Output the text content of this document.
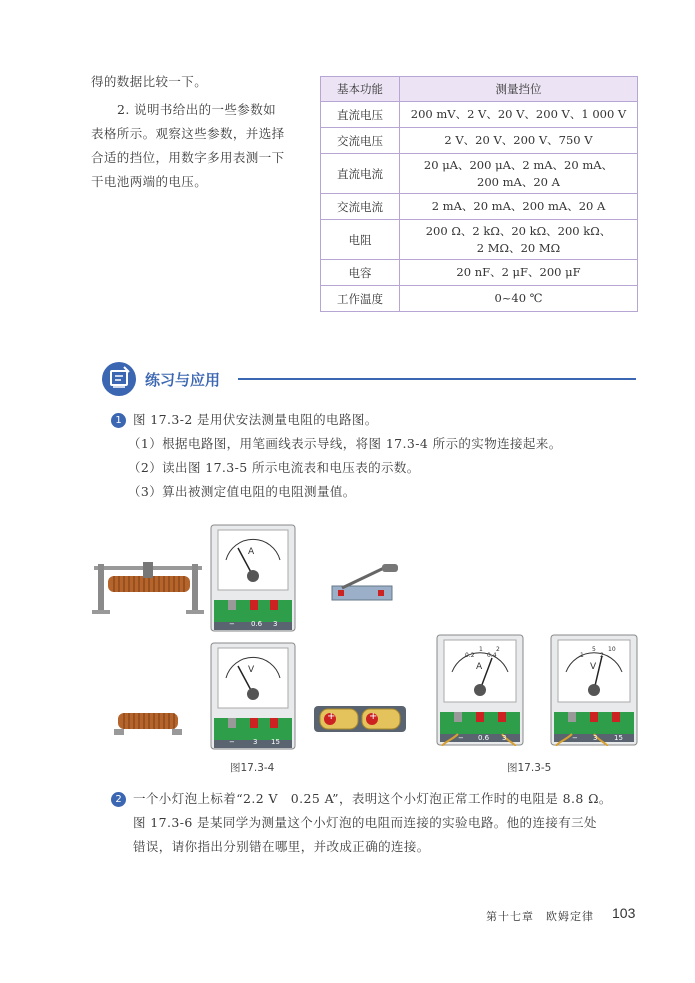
得的数据比较一下。
2. 说明书给出的一些参数如
表格所示。观察这些参数，并选择
合适的挡位，用数字多用表测一下
干电池两端的电压。
基本功能	测量挡位
直流电压	200 mV、2 V、20 V、200 V、1 000 V
交流电压	2 V、20 V、200 V、750 V
直流电流	20 μA、200 μA、2 mA、20 mA、
200 mA、20 A
交流电流	2 mA、20 mA、200 mA、20 A
电阻	200 Ω、2 kΩ、20 kΩ、200 kΩ、
2 MΩ、20 MΩ
电容	20 nF、2 μF、200 μF
工作温度	0~40 ℃
练习与应用
1 图 17.3-2 是用伏安法测量电阻的电路图。
（1）根据电路图，用笔画线表示导线，将图 17.3-4 所示的实物连接起来。
（2）读出图 17.3-5 所示电流表和电压表的示数。
（3）算出被测定值电阻的电阻测量值。
A
− 0.6 3
V
−	3 15
+	+
图17.3-4
A
0.2 0.4
1 2
− 0.6 3
V
5 10
1	2
− 3 15
图17.3-5
2 一个小灯泡上标着“2.2 V　0.25 A”，表明这个小灯泡正常工作时的电阻是 8.8 Ω。
图 17.3-6 是某同学为测量这个小灯泡的电阻而连接的实验电路。他的连接有三处
错误，请你指出分别错在哪里，并改成正确的连接。
第十七章　欧姆定律 103
